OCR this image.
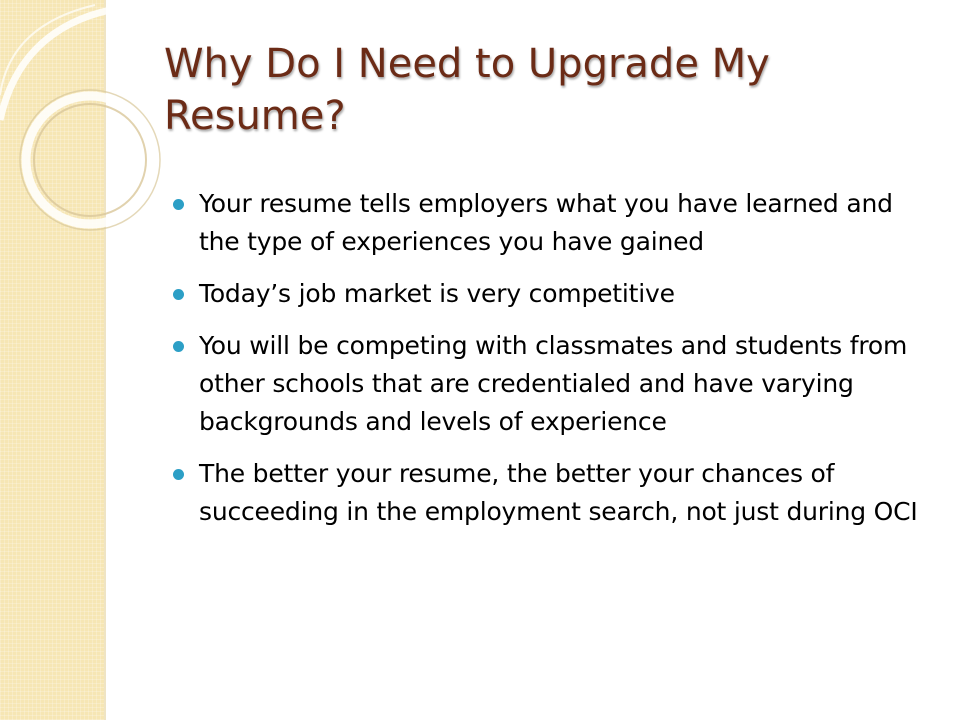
Why Do I Need to Upgrade My Resume?
Your resume tells employers what you have learned and the type of experiences you have gained
Today’s job market is very competitive
You will be competing with classmates and students from other schools that are credentialed and have varying backgrounds and levels of experience
The better your resume, the better your chances of succeeding in the employment search, not just during OCI
